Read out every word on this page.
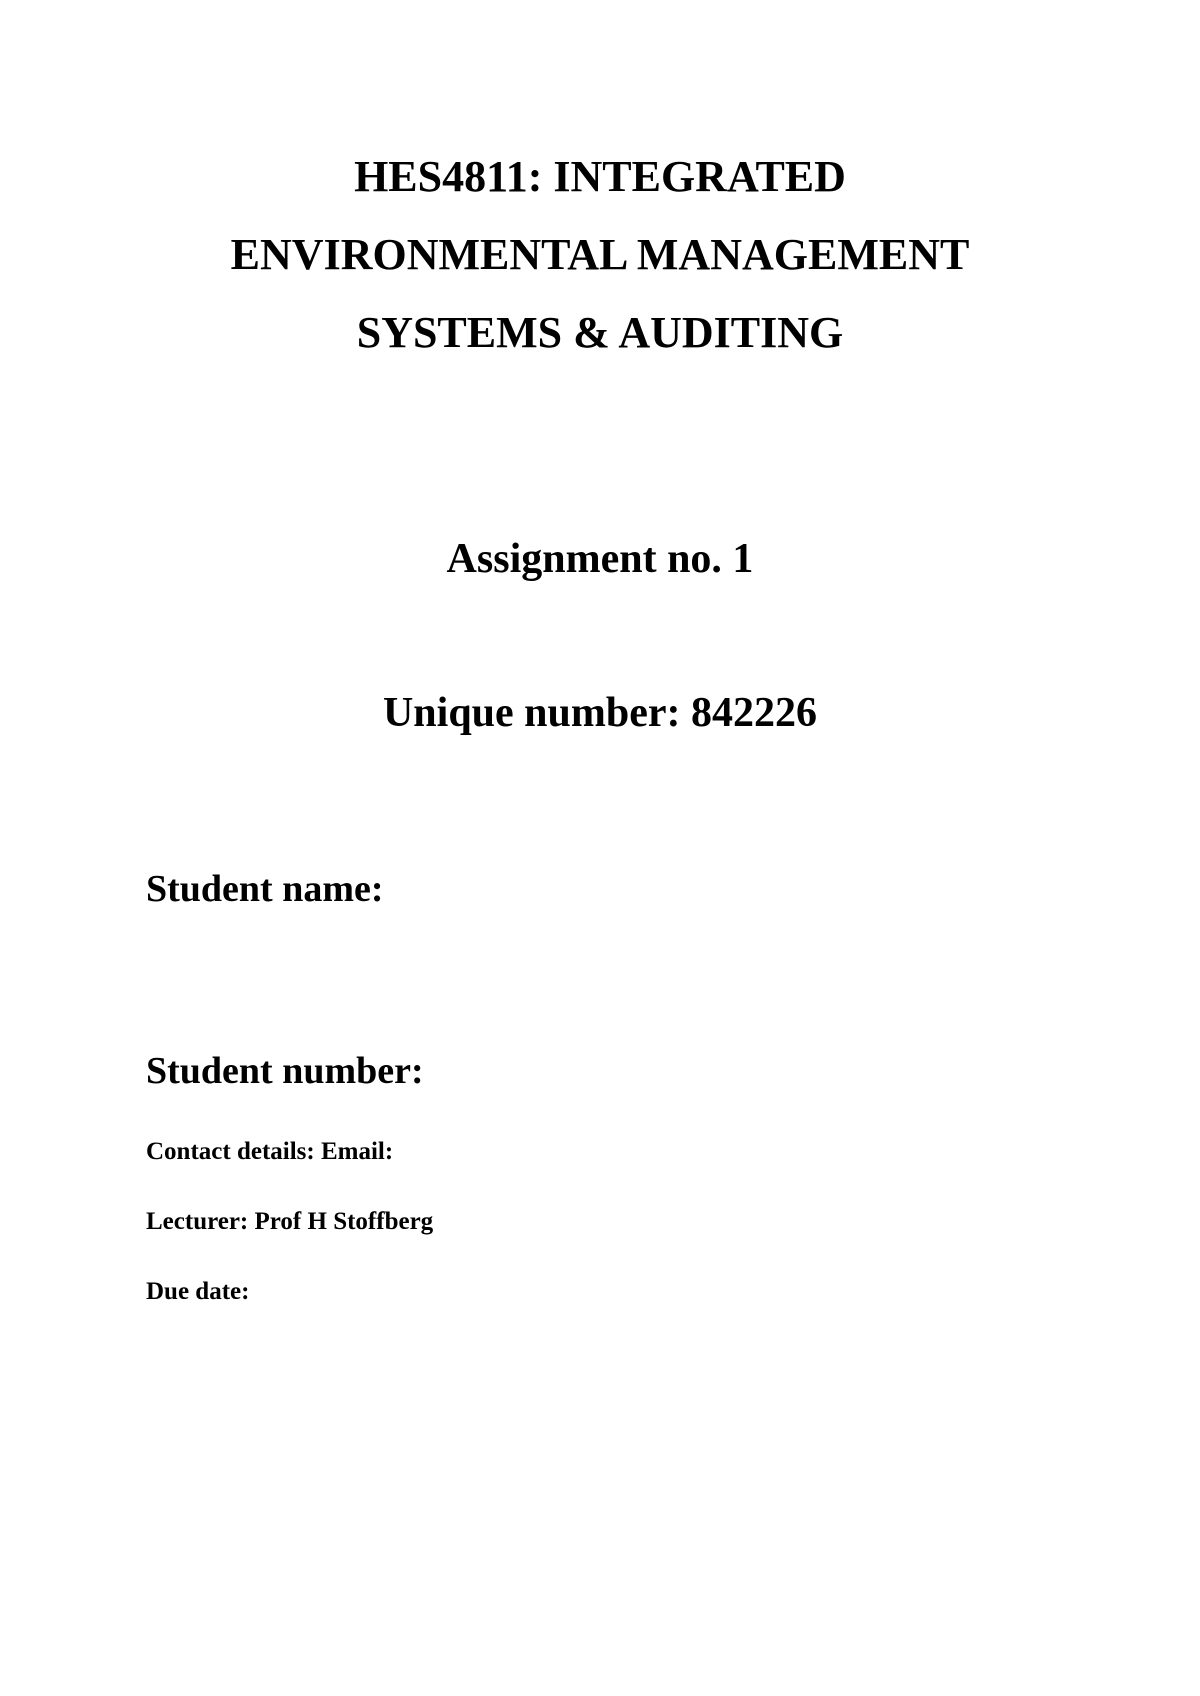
HES4811: INTEGRATED
ENVIRONMENTAL MANAGEMENT
SYSTEMS & AUDITING
Assignment no. 1
Unique number: 842226
Student name:
Student number:
Contact details: Email:
Lecturer: Prof H Stoffberg
Due date:
